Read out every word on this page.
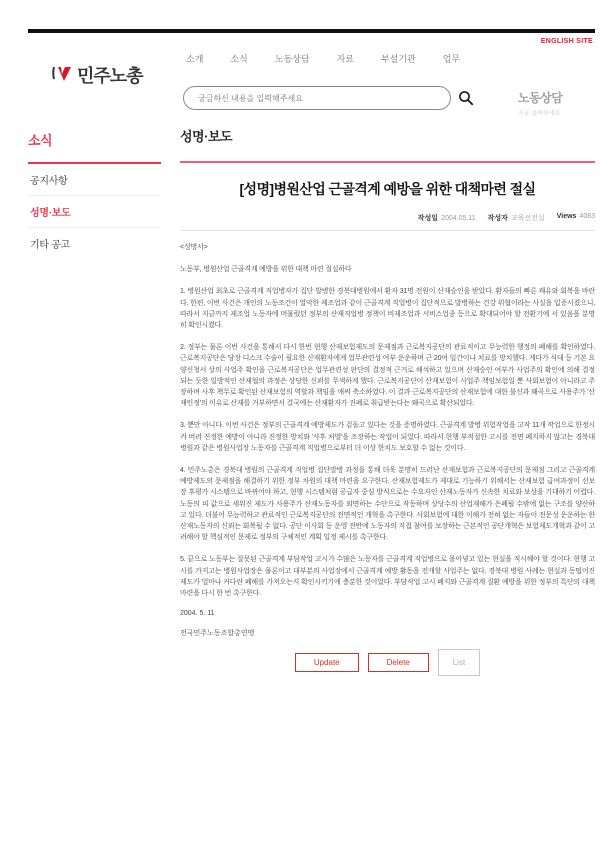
ENGLISH SITE
민주노총
소개	소식	노동상담	자료	부설기관	업무
궁금하신 내용을 입력해주세요
노동상담
지금 클릭하세요
소식
공지사항
성명·보도
기타 공고
성명·보도
[성명]병원산업 근골격계 예방을 위한 대책마련 절실
작성일 2004.05.11 작성자 교육선전실 Views 4083

<성명서>

노동부, 병원산업 근골격계 예방을 위한 대책 마련 절실하다

1. 병원산업 최초로 근골격계 직업병자가 집단 발병한 경북대병원에서 환자 31명 전원이 산재승인을 받았다. 환자들의 빠른 쾌유와 회복을 바란다. 한편, 이번 사건은 개인의 노동조건이 열악한 제조업과 같이 근골격계 직업병이 집단적으로 발병하는 건강 위협이라는 사실을 입증시켰으니, 따라서 지금까지 제조업 노동자에 머물렀던 정부의 산재직업병 정책이 비제조업과 서비스업종 등으로 확대되어야 할 전환기에 서 있음을 분명히 확인시켰다.

2. 정부는 물론 이번 사건을 통해서 다시 한번 현행 산재보험제도의 문제점과 근로복지공단의 관료적이고 무능력한 행정의 폐해를 확인하였다. 근로복지공단은 당장 디스크 수술이 필요한 산재환자에게 업무관련성 여부 운운하며 근 20여 일간이나 치료를 방치했다. 게다가 식대 등 기본 요양신청서 상의 사업주 확인을 근로복지공단은 업무관련성 판단의 결정적 근거로 해석하고 있으며 산재승인 여부가 사업주의 확인에 의해 결정되는 듯한 일방적인 산재협의 과정은 상당한 신뢰를 무색하게 했다. 근로복지공단이 산재보험이 사업주 책임보험일 뿐 사회보험이 아니라고 주장하며 사후 책무로 확인된 산재보험의 역할과 책임을 애써 축소하였다. 이 결과 근로복지공단의 산재보험에 대한 불신과 왜곡으로 사용주가 '산재인정'의 이유로 산재를 거부하면서 결국에는 산재환자가 진폐로 취급받는다는 왜곡으로 확산되었다.

3. 뿐만 아니다. 이번 사건은 정부의 근골격계 예방제도가 겉돌고 있다는 것을 증명하였다. 근골격계 발병 위험작업을 고작 11개 작업으로 한정시켜 버려 진정한 예방이 아니라 진정한 방치와 '사후 처벌'을 조장하는 작업이 되었다. 따라서 현행 부적절한 고시를 전면 폐지하지 않고는 경북대 병원과 같은 병원사업장 노동자를 근골격계 직업병으로부터 더 이상 한치도 보호할 수 없는 것이다.

4. 민주노총은 경북대 병원의 근골격계 직업병 집단발병 과정을 통해 더욱 분명히 드러난 산재보험과 근로복지공단의 문제점 그리고 근골격계 예방제도의 문제점을 해결하기 위한 정부 차원의 대책 마련을 요구한다. 산재보험제도가 제대로 기능하기 위해서는 산재보험 급여과정이 선보장 후평가 시스템으로 바뀌어야 하고, 현행 시스템처럼 공급자 중심 방식으로는 수요자인 산재노동자가 신속한 치료와 보상을 기대하기 어렵다. 노동의 피 값으로 세워진 제도가 사용주가 산재노동자를 외면하는 수단으로 작동하며 상당수의 산업재해가 은폐될 수밖에 없는 구조를 양산하고 있다. 더불어 무능력하고 관료적인 근로복지공단의 전면적인 개혁을 촉구한다. 사회보험에 대한 이해가 전혀 없는 자들이 전문성 운운하는 한 산재노동자의 신뢰는 회복될 수 없다. 공단 이사회 등 운영 전반에 노동자의 직접 참여를 보장하는 근본적인 공단개혁은 보험제도개혁과 같이 고려해야 할 핵심적인 문제로 정부의 구체적인 계획 일정 제시를 촉구한다.

5. 끝으로 노동부는 잘못된 근골격계 부담작업 고시가 수많은 노동자를 근골격계 직업병으로 몰아넣고 있는 현실을 직시해야 할 것이다. 현행 고시를 가지고는 병원사업장은 물론이고 대부분의 사업장에서 근골격계 예방 활동을 전개할 사업주는 없다. 경북대 병원 사례는 현실과 동떨어진 제도가 얼마나 커다란 폐해를 가져오는지 확인시키기에 충분한 것이었다. 부담작업 고시 폐지와 근골격계 질환 예방을 위한 정부의 특단의 대책 마련을 다시 한 번 촉구한다.

2004. 5. 11

전국민주노동조합총연맹

Update	Delete	List
